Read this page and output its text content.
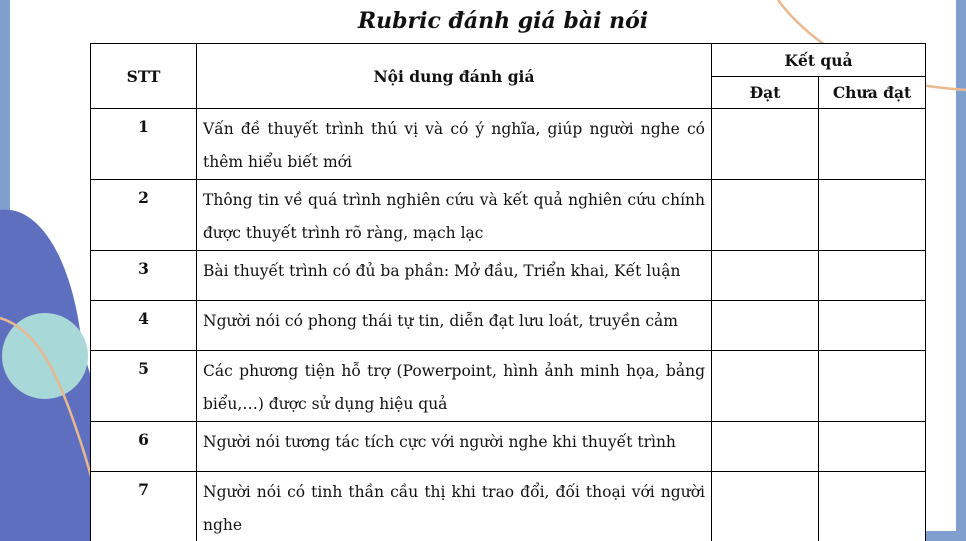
Rubric đánh giá bài nói
STT	Nội dung đánh giá	Kết quả	
		Đạt	Chưa đạt
1	Vấn đề thuyết trình thú vị và có ý nghĩa, giúp người nghe có thêm hiểu biết mới		
2	Thông tin về quá trình nghiên cứu và kết quả nghiên cứu chính được thuyết trình rõ ràng, mạch lạc		
3	Bài thuyết trình có đủ ba phần: Mở đầu, Triển khai, Kết luận		
4	Người nói có phong thái tự tin, diễn đạt lưu loát, truyền cảm		
5	Các phương tiện hỗ trợ (Powerpoint, hình ảnh minh họa, bảng biểu,…) được sử dụng hiệu quả		
6	Người nói tương tác tích cực với người nghe khi thuyết trình		
7	Người nói có tinh thần cầu thị khi trao đổi, đối thoại với người nghe		
